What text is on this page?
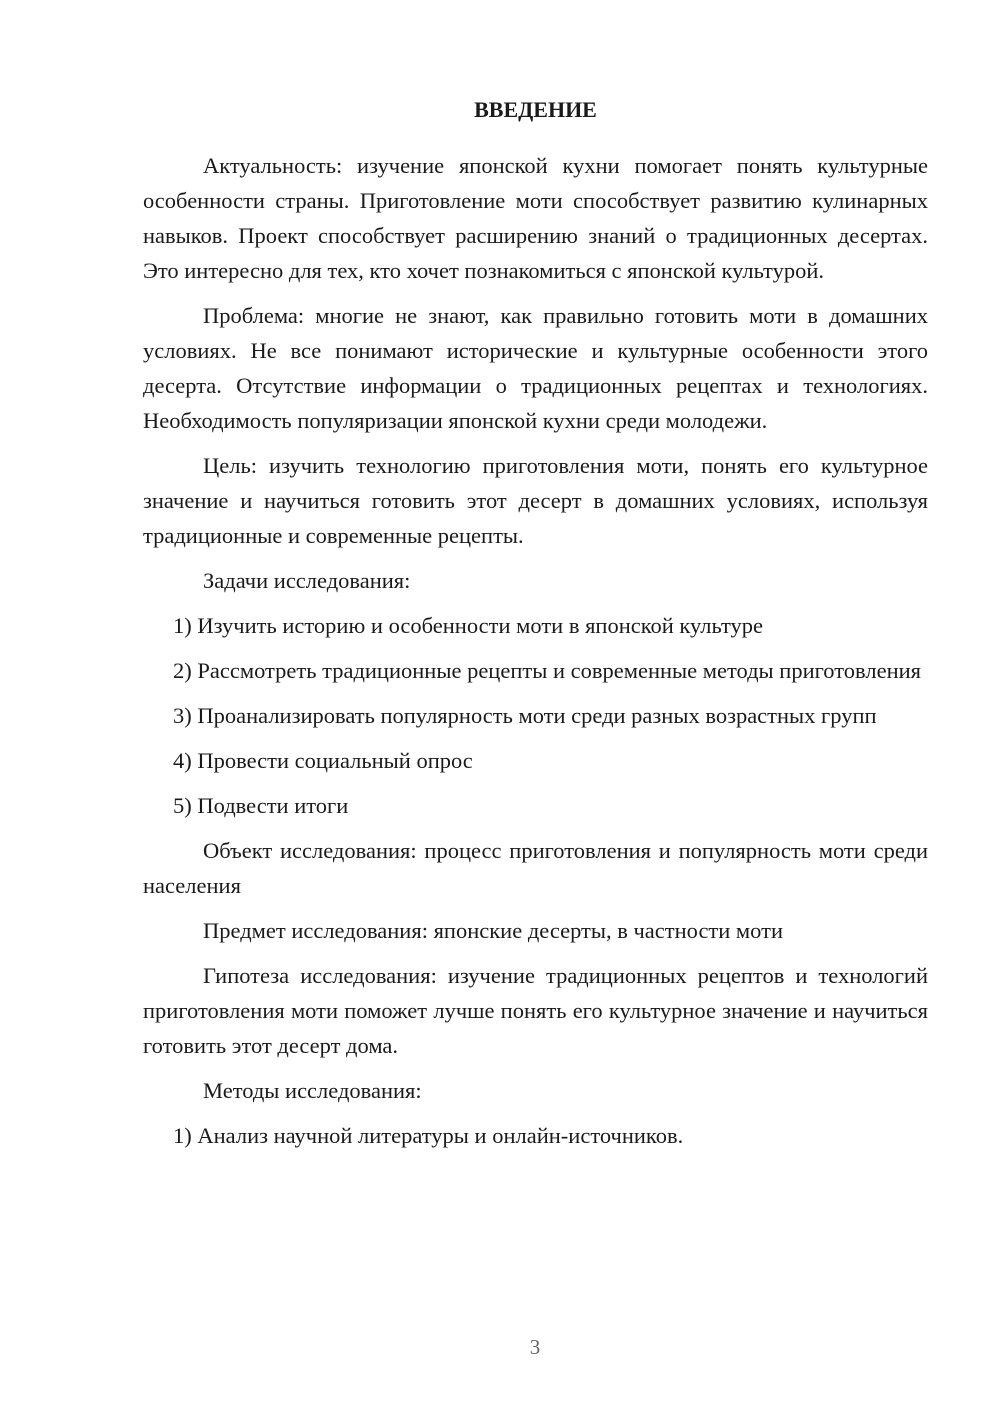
ВВЕДЕНИЕ

Актуальность: изучение японской кухни помогает понять культурные особенности страны. Приготовление моти способствует развитию кулинарных навыков. Проект способствует расширению знаний о традиционных десертах. Это интересно для тех, кто хочет познакомиться с японской культурой.

Проблема: многие не знают, как правильно готовить моти в домашних условиях. Не все понимают исторические и культурные особенности этого десерта. Отсутствие информации о традиционных рецептах и технологиях. Необходимость популяризации японской кухни среди молодежи.

Цель: изучить технологию приготовления моти, понять его культурное значение и научиться готовить этот десерт в домашних условиях, используя традиционные и современные рецепты.

Задачи исследования:

1) Изучить историю и особенности моти в японской культуре

2) Рассмотреть традиционные рецепты и современные методы приготовления

3) Проанализировать популярность моти среди разных возрастных групп

4) Провести социальный опрос

5) Подвести итоги

Объект исследования: процесс приготовления и популярность моти среди населения

Предмет исследования: японские десерты, в частности моти

Гипотеза исследования: изучение традиционных рецептов и технологий приготовления моти поможет лучше понять его культурное значение и научиться готовить этот десерт дома.

Методы исследования:

1) Анализ научной литературы и онлайн-источников.

3
